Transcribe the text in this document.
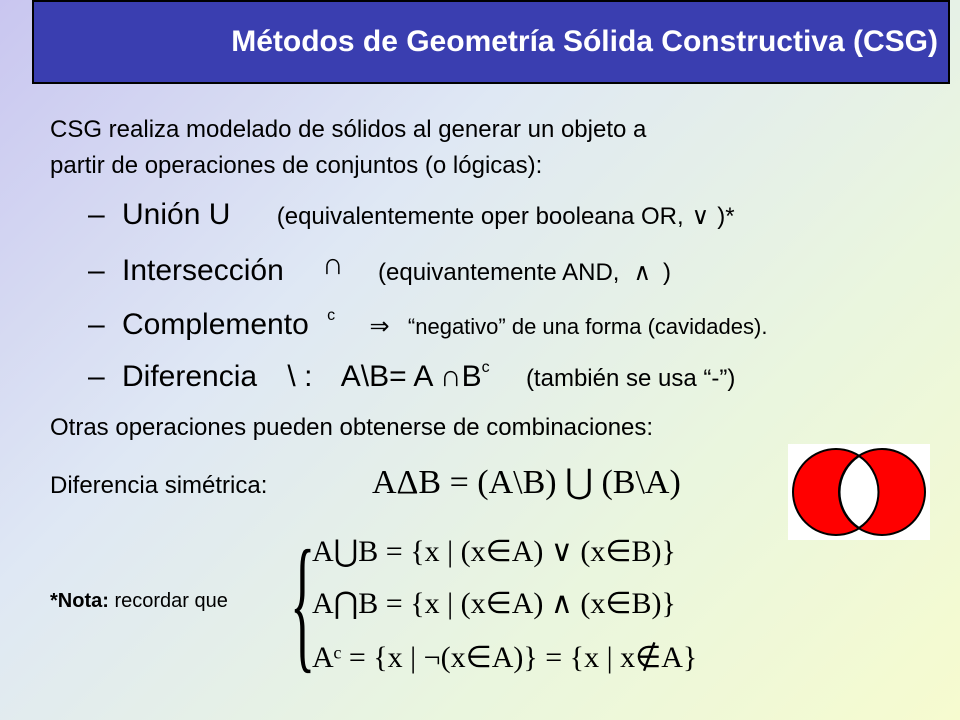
Métodos de Geometría Sólida Constructiva (CSG)
CSG realiza modelado de sólidos al generar un objeto a
partir de operaciones de conjuntos (o lógicas):
– Unión U (equivalentemente oper booleana OR, ∨ )*
– Intersección ∩ (equivantemente AND, ∧ )
– Complemento $^c$ ⇒ “negativo” de una forma (cavidades).
– Diferencia \ : A\B= A $\cap B^c$ (también se usa “-”)
Otras operaciones pueden obtenerse de combinaciones:
Diferencia simétrica:	AΔB = (A\B) ⋃ (B\A)
*Nota: recordar que {
A⋃B = {x | (x∈A) ∨ (x∈B)}
A⋂B = {x | (x∈A) ∧ (x∈B)}
Aᶜ = {x | ¬(x∈A)} = {x | x∉A}
